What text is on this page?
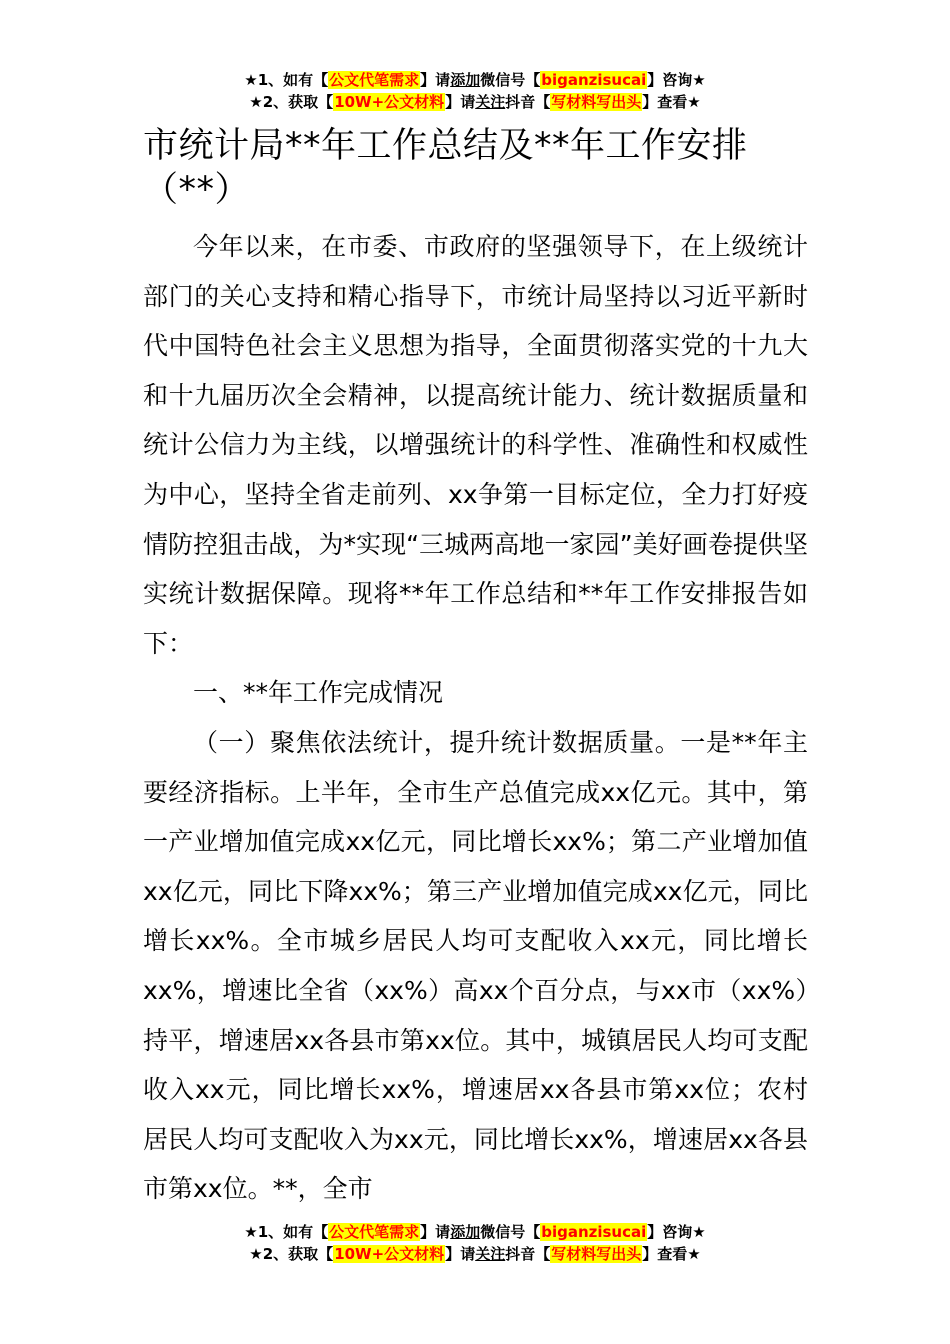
★1、如有【公文代笔需求】请添加微信号【biganzisucai】咨询★
★2、获取【10W+公文材料】请关注抖音【写材料写出头】查看★
市统计局**年工作总结及**年工作安排（**）

今年以来，在市委、市政府的坚强领导下，在上级统计部门的关心支持和精心指导下，市统计局坚持以习近平新时代中国特色社会主义思想为指导，全面贯彻落实党的十九大和十九届历次全会精神，以提高统计能力、统计数据质量和统计公信力为主线，以增强统计的科学性、准确性和权威性为中心，坚持全省走前列、xx争第一目标定位，全力打好疫情防控狙击战，为*实现“三城两高地一家园”美好画卷提供坚实统计数据保障。现将**年工作总结和**年工作安排报告如下：

一、**年工作完成情况

（一）聚焦依法统计，提升统计数据质量。一是**年主要经济指标。上半年，全市生产总值完成xx亿元。其中，第一产业增加值完成xx亿元，同比增长xx%；第二产业增加值xx亿元，同比下降xx%；第三产业增加值完成xx亿元，同比增长xx%。全市城乡居民人均可支配收入xx元，同比增长xx%，增速比全省（xx%）高xx个百分点，与xx市（xx%）持平，增速居xx各县市第xx位。其中，城镇居民人均可支配收入xx元，同比增长xx%，增速居xx各县市第xx位；农村居民人均可支配收入为xx元，同比增长xx%，增速居xx各县市第xx位。**，全市

★1、如有【公文代笔需求】请添加微信号【biganzisucai】咨询★
★2、获取【10W+公文材料】请关注抖音【写材料写出头】查看★
